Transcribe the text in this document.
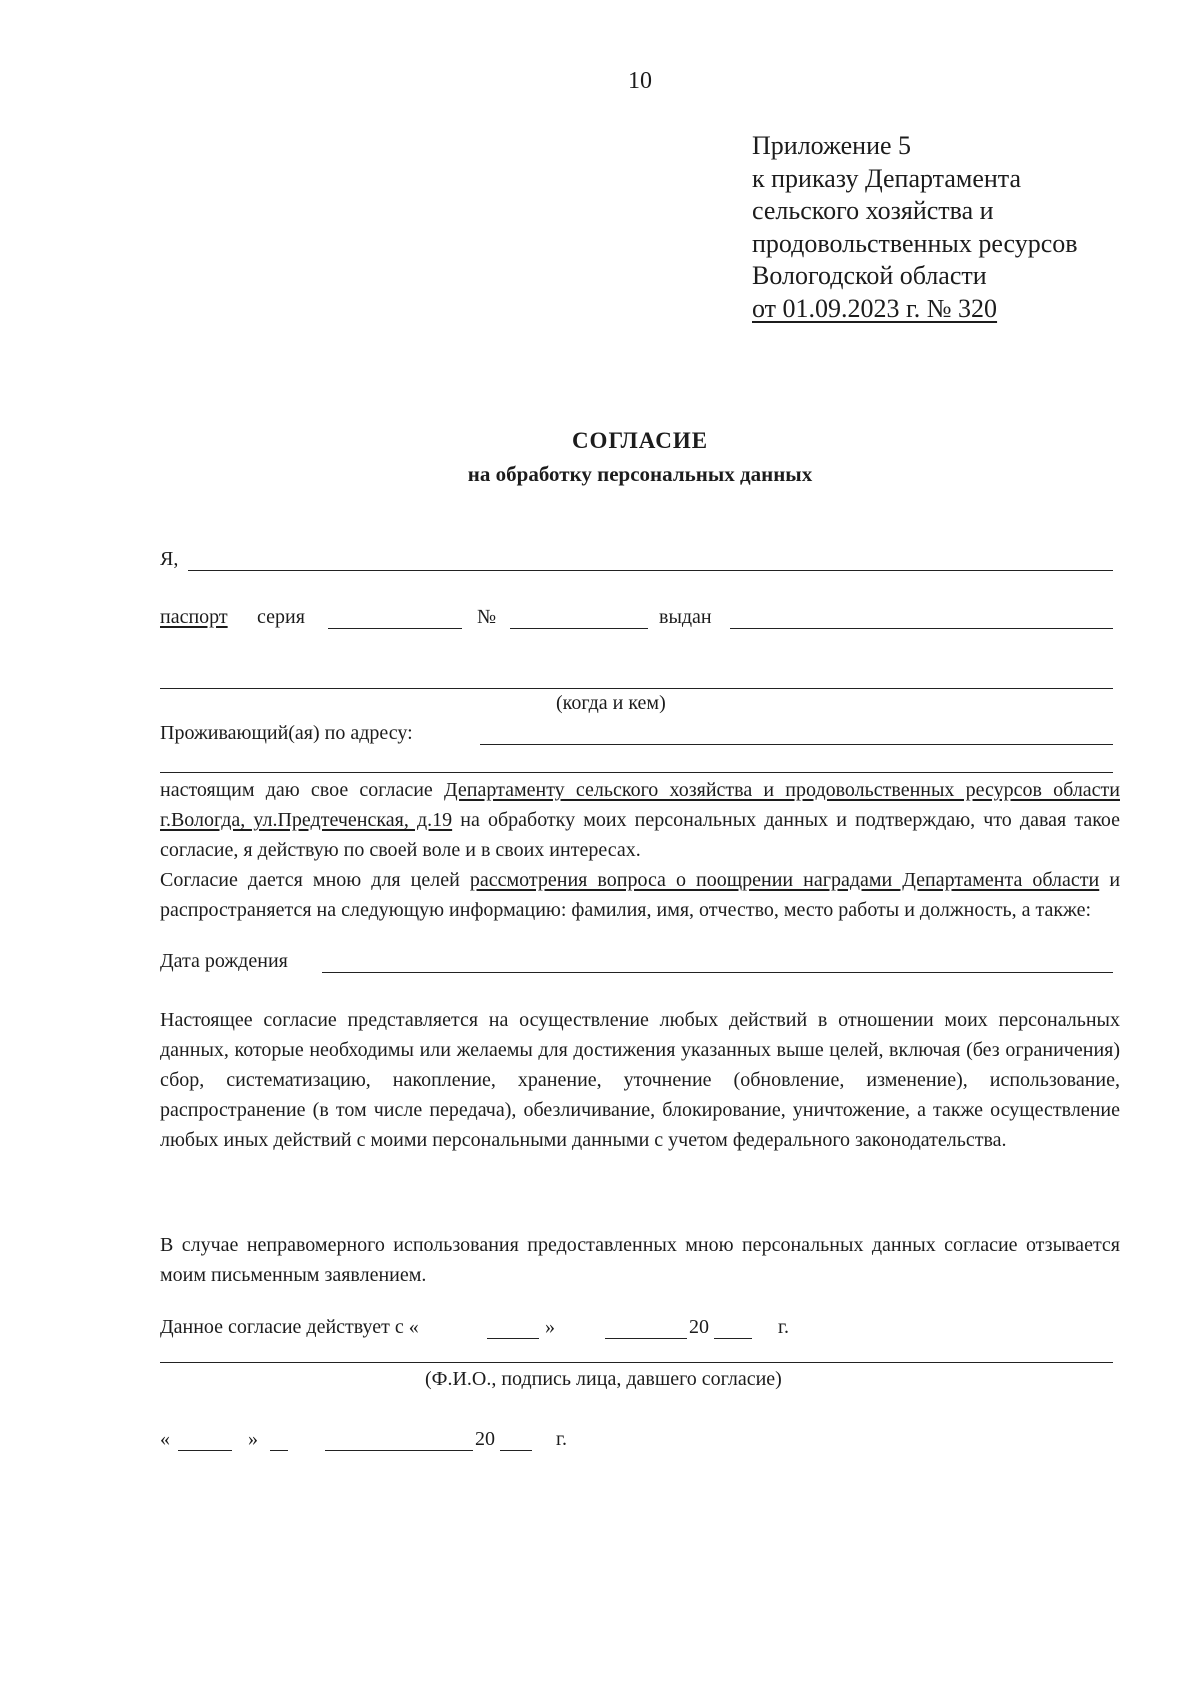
10
Приложение 5
к приказу Департамента
сельского хозяйства и
продовольственных ресурсов
Вологодской области
от 01.09.2023 г. № 320
СОГЛАСИЕ
на обработку персональных данных
Я,
паспорт серия	№	выдан
(когда и кем)
Проживающий(ая) по адресу:

настоящим даю свое согласие Департаменту сельского хозяйства и продовольственных ресурсов области г.Вологда, ул.Предтеченская, д.19 на обработку моих персональных данных и подтверждаю, что давая такое согласие, я действую по своей воле и в своих интересах.

Согласие дается мною для целей рассмотрения вопроса о поощрении наградами Департамента области и распространяется на следующую информацию: фамилия, имя, отчество, место работы и должность, а также:

Дата рождения

Настоящее согласие представляется на осуществление любых действий в отношении моих персональных данных, которые необходимы или желаемы для достижения указанных выше целей, включая (без ограничения) сбор, систематизацию, накопление, хранение, уточнение (обновление, изменение), использование, распространение (в том числе передача), обезличивание, блокирование, уничтожение, а также осуществление любых иных действий с моими персональными данными с учетом федерального законодательства.

В случае неправомерного использования предоставленных мною персональных данных согласие отзывается моим письменным заявлением.

Данное согласие действует с «	»	20	г.
(Ф.И.О., подпись лица, давшего согласие)
«	»	20	г.
